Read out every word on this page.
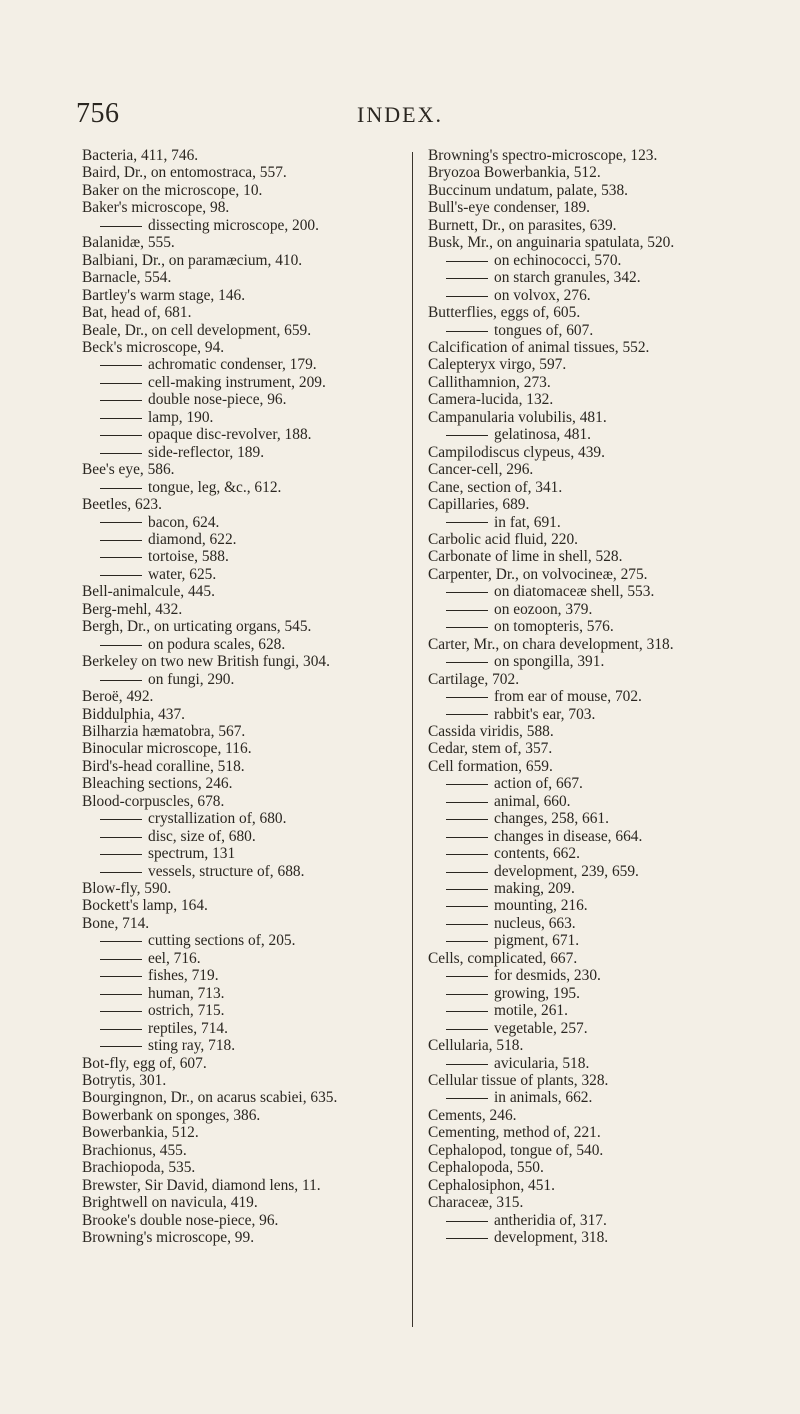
756	INDEX.
Bacteria, 411, 746.
Baird, Dr., on entomostraca, 557.
Baker on the microscope, 10.
Baker's microscope, 98.
dissecting microscope, 200.
Balanidæ, 555.
Balbiani, Dr., on paramæcium, 410.
Barnacle, 554.
Bartley's warm stage, 146.
Bat, head of, 681.
Beale, Dr., on cell development, 659.
Beck's microscope, 94.
achromatic condenser, 179.
cell-making instrument, 209.
double nose-piece, 96.
lamp, 190.
opaque disc-revolver, 188.
side-reflector, 189.
Bee's eye, 586.
tongue, leg, &c., 612.
Beetles, 623.
bacon, 624.
diamond, 622.
tortoise, 588.
water, 625.
Bell-animalcule, 445.
Berg-mehl, 432.
Bergh, Dr., on urticating organs, 545.
on podura scales, 628.
Berkeley on two new British fungi, 304.
on fungi, 290.
Beroë, 492.
Biddulphia, 437.
Bilharzia hæmatobra, 567.
Binocular microscope, 116.
Bird's-head coralline, 518.
Bleaching sections, 246.
Blood-corpuscles, 678.
crystallization of, 680.
disc, size of, 680.
spectrum, 131
vessels, structure of, 688.
Blow-fly, 590.
Bockett's lamp, 164.
Bone, 714.
cutting sections of, 205.
eel, 716.
fishes, 719.
human, 713.
ostrich, 715.
reptiles, 714.
sting ray, 718.
Bot-fly, egg of, 607.
Botrytis, 301.
Bourgingnon, Dr., on acarus scabiei, 635.
Bowerbank on sponges, 386.
Bowerbankia, 512.
Brachionus, 455.
Brachiopoda, 535.
Brewster, Sir David, diamond lens, 11.
Brightwell on navicula, 419.
Brooke's double nose-piece, 96.
Browning's microscope, 99.
Browning's spectro-microscope, 123.
Bryozoa Bowerbankia, 512.
Buccinum undatum, palate, 538.
Bull's-eye condenser, 189.
Burnett, Dr., on parasites, 639.
Busk, Mr., on anguinaria spatulata, 520.
on echinococci, 570.
on starch granules, 342.
on volvox, 276.
Butterflies, eggs of, 605.
tongues of, 607.
Calcification of animal tissues, 552.
Calepteryx virgo, 597.
Callithamnion, 273.
Camera-lucida, 132.
Campanularia volubilis, 481.
gelatinosa, 481.
Campilodiscus clypeus, 439.
Cancer-cell, 296.
Cane, section of, 341.
Capillaries, 689.
in fat, 691.
Carbolic acid fluid, 220.
Carbonate of lime in shell, 528.
Carpenter, Dr., on volvocineæ, 275.
on diatomaceæ shell, 553.
on eozoon, 379.
on tomopteris, 576.
Carter, Mr., on chara development, 318.
on spongilla, 391.
Cartilage, 702.
from ear of mouse, 702.
rabbit's ear, 703.
Cassida viridis, 588.
Cedar, stem of, 357.
Cell formation, 659.
action of, 667.
animal, 660.
changes, 258, 661.
changes in disease, 664.
contents, 662.
development, 239, 659.
making, 209.
mounting, 216.
nucleus, 663.
pigment, 671.
Cells, complicated, 667.
for desmids, 230.
growing, 195.
motile, 261.
vegetable, 257.
Cellularia, 518.
avicularia, 518.
Cellular tissue of plants, 328.
in animals, 662.
Cements, 246.
Cementing, method of, 221.
Cephalopod, tongue of, 540.
Cephalopoda, 550.
Cephalosiphon, 451.
Characeæ, 315.
antheridia of, 317.
development, 318.
